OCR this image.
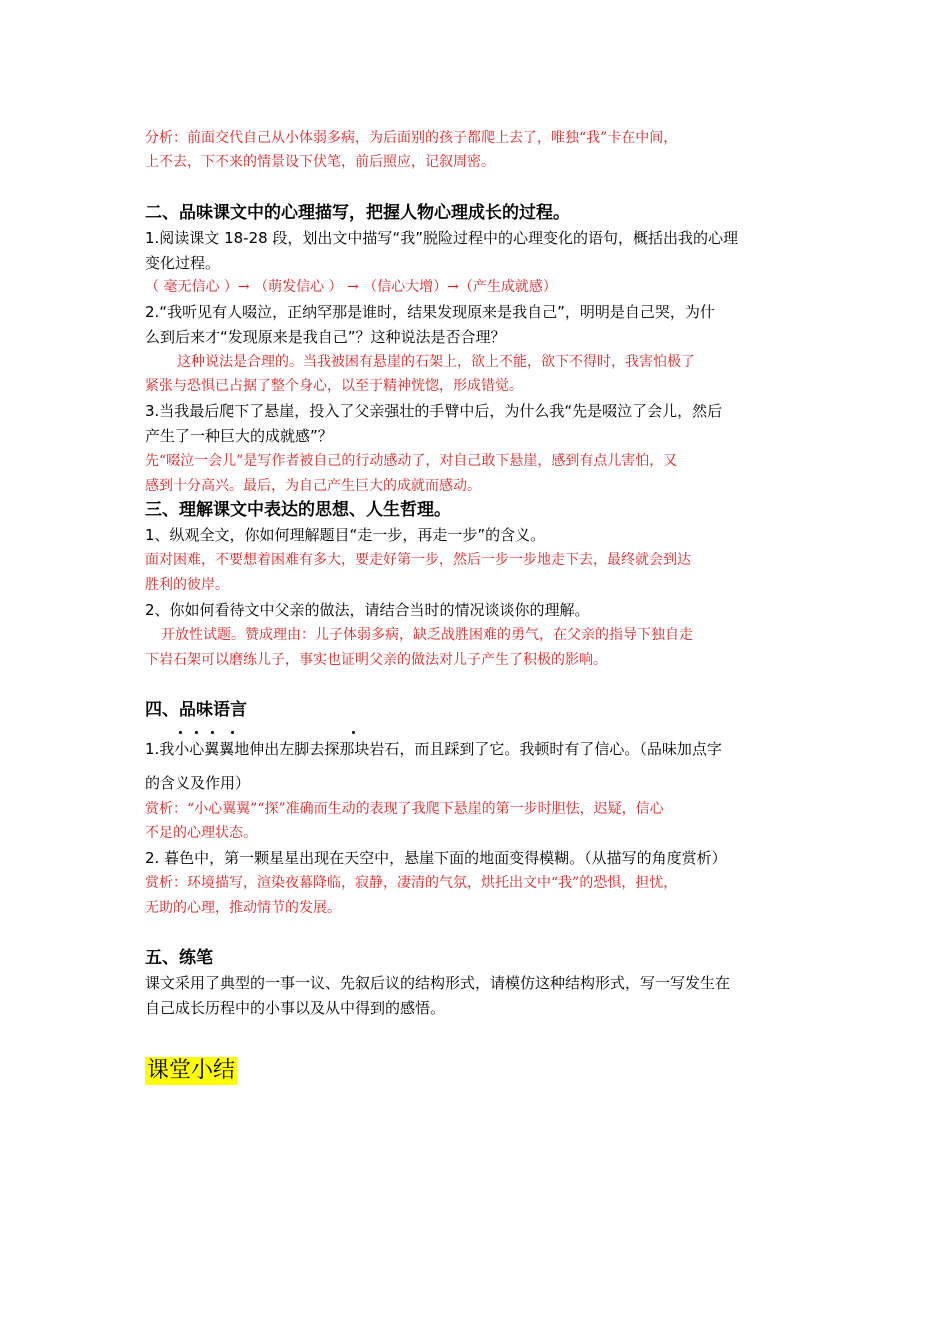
分析：前面交代自己从小体弱多病，为后面别的孩子都爬上去了，唯独“我”卡在中间，
上不去，下不来的情景设下伏笔，前后照应，记叙周密。
二、品味课文中的心理描写，把握人物心理成长的过程。
1.阅读课文 18-28 段，划出文中描写“我”脱险过程中的心理变化的语句，概括出我的心理
变化过程。
（ 毫无信心 ）→ （萌发信心 ） → （信心大增）→（产生成就感）
2.“我听见有人啜泣，正纳罕那是谁时，结果发现原来是我自己”，明明是自己哭，为什
么到后来才“发现原来是我自己”？这种说法是否合理？
这种说法是合理的。当我被困有悬崖的石架上，欲上不能，欲下不得时，我害怕极了
紧张与恐惧已占据了整个身心，以至于精神恍惚，形成错觉。
3.当我最后爬下了悬崖，投入了父亲强壮的手臂中后，为什么我“先是啜泣了会儿，然后
产生了一种巨大的成就感”？
先“啜泣一会儿”是写作者被自己的行动感动了，对自己敢下悬崖，感到有点儿害怕，又
感到十分高兴。最后，为自己产生巨大的成就而感动。
三、理解课文中表达的思想、人生哲理。
1、纵观全文，你如何理解题目“走一步，再走一步”的含义。
面对困难，不要想着困难有多大，要走好第一步，然后一步一步地走下去，最终就会到达
胜利的彼岸。
2、你如何看待文中父亲的做法，请结合当时的情况谈谈你的理解。
开放性试题。赞成理由：儿子体弱多病，缺乏战胜困难的勇气，在父亲的指导下独自走
下岩石架可以磨练儿子，事实也证明父亲的做法对儿子产生了积极的影响。
四、品味语言
1.我小心翼翼地伸出左脚去探那块岩石，而且踩到了它。我顿时有了信心。（品味加点字
的含义及作用）
赏析：“小心翼翼”“探”准确而生动的表现了我爬下悬崖的第一步时胆怯，迟疑，信心
不足的心理状态。
2. 暮色中，第一颗星星出现在天空中，悬崖下面的地面变得模糊。（从描写的角度赏析）
赏析：环境描写，渲染夜幕降临，寂静，凄清的气氛，烘托出文中“我”的恐惧，担忧，
无助的心理，推动情节的发展。
五、练笔
课文采用了典型的一事一议、先叙后议的结构形式，请模仿这种结构形式，写一写发生在
自己成长历程中的小事以及从中得到的感悟。
课堂小结
